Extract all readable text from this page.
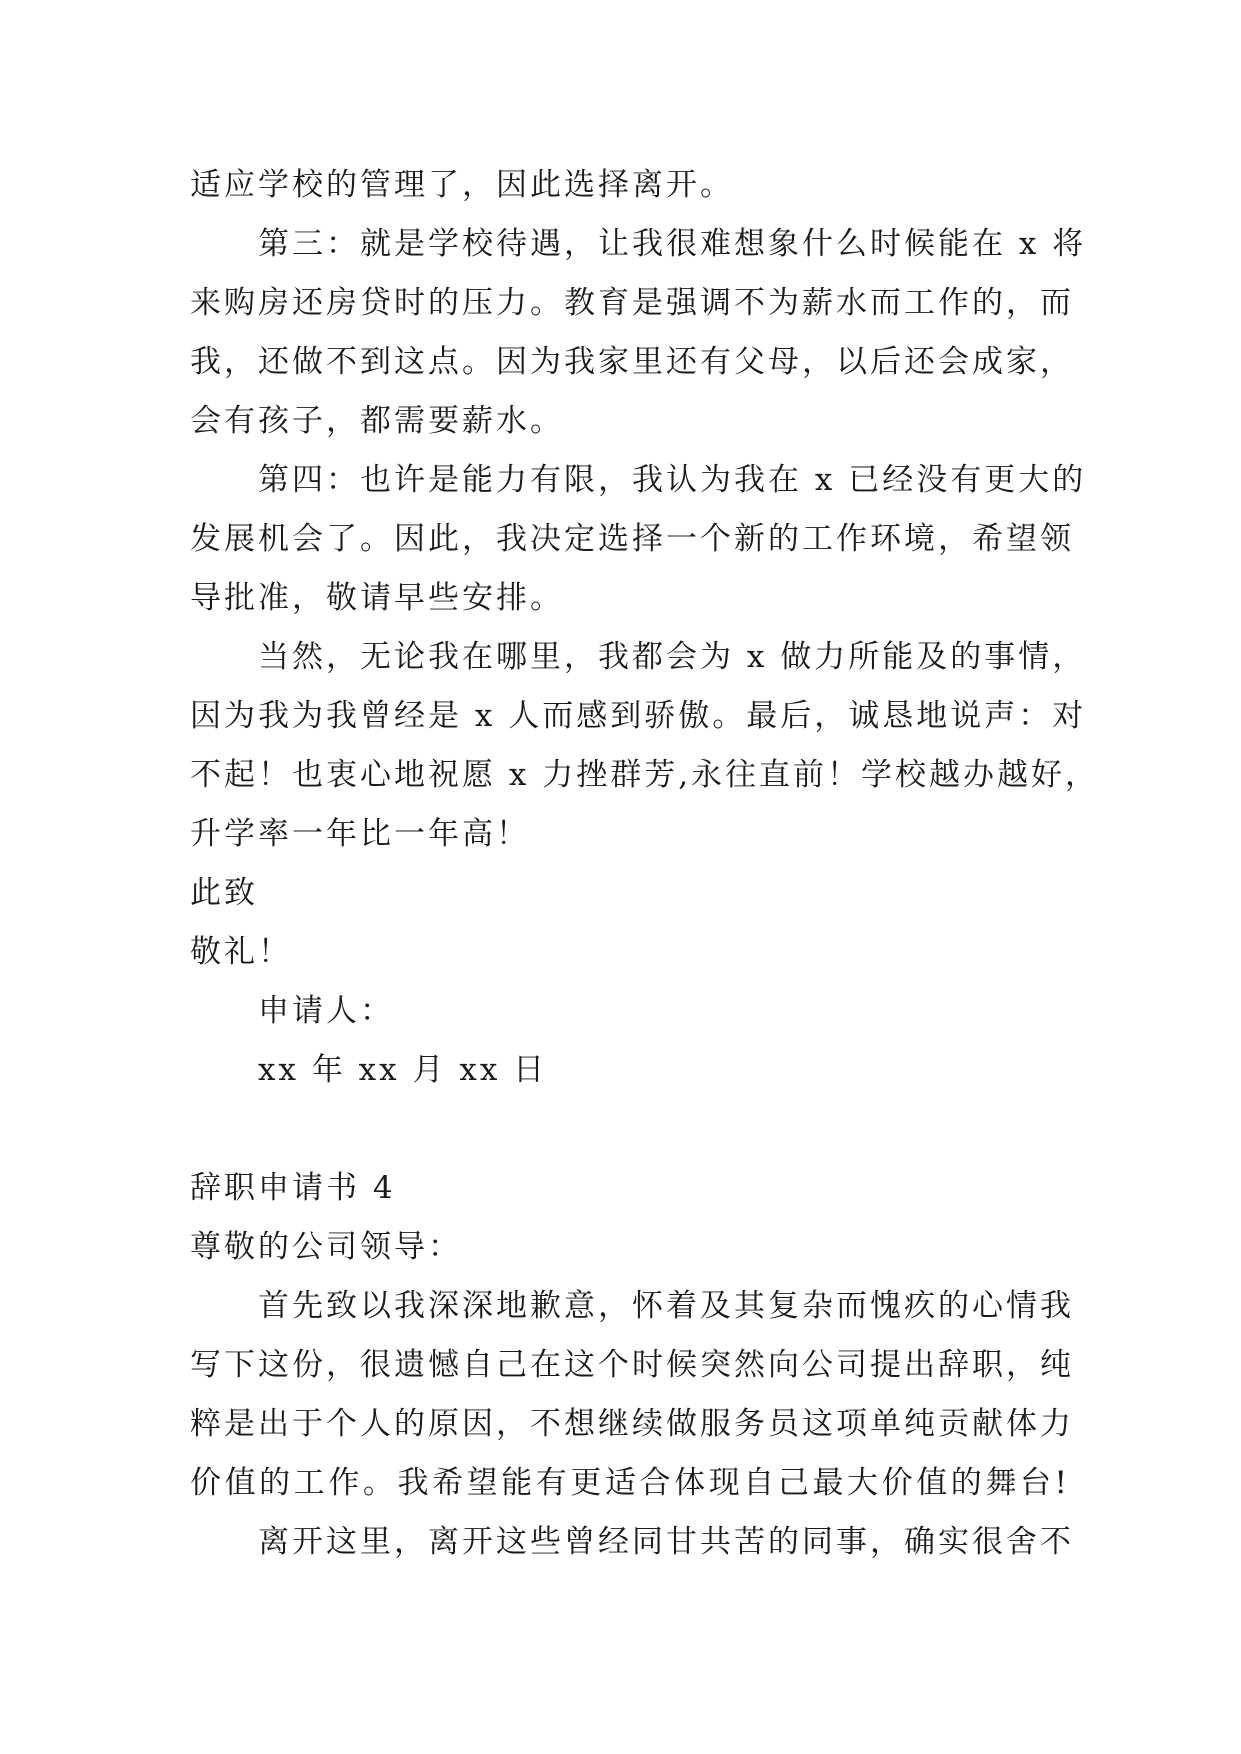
适应学校的管理了，因此选择离开。
第三：就是学校待遇，让我很难想象什么时候能在 x 将
来购房还房贷时的压力。教育是强调不为薪水而工作的，而
我，还做不到这点。因为我家里还有父母，以后还会成家，
会有孩子，都需要薪水。
第四：也许是能力有限，我认为我在 x 已经没有更大的
发展机会了。因此，我决定选择一个新的工作环境，希望领
导批准，敬请早些安排。
当然，无论我在哪里，我都会为 x 做力所能及的事情，
因为我为我曾经是 x 人而感到骄傲。最后，诚恳地说声：对
不起！也衷心地祝愿 x 力挫群芳,永往直前！学校越办越好，
升学率一年比一年高！
此致
敬礼！
申请人：
xx 年 xx 月 xx 日
辞职申请书 4
尊敬的公司领导：
首先致以我深深地歉意，怀着及其复杂而愧疚的心情我
写下这份，很遗憾自己在这个时候突然向公司提出辞职，纯
粹是出于个人的原因，不想继续做服务员这项单纯贡献体力
价值的工作。我希望能有更适合体现自己最大价值的舞台!
离开这里，离开这些曾经同甘共苦的同事，确实很舍不
